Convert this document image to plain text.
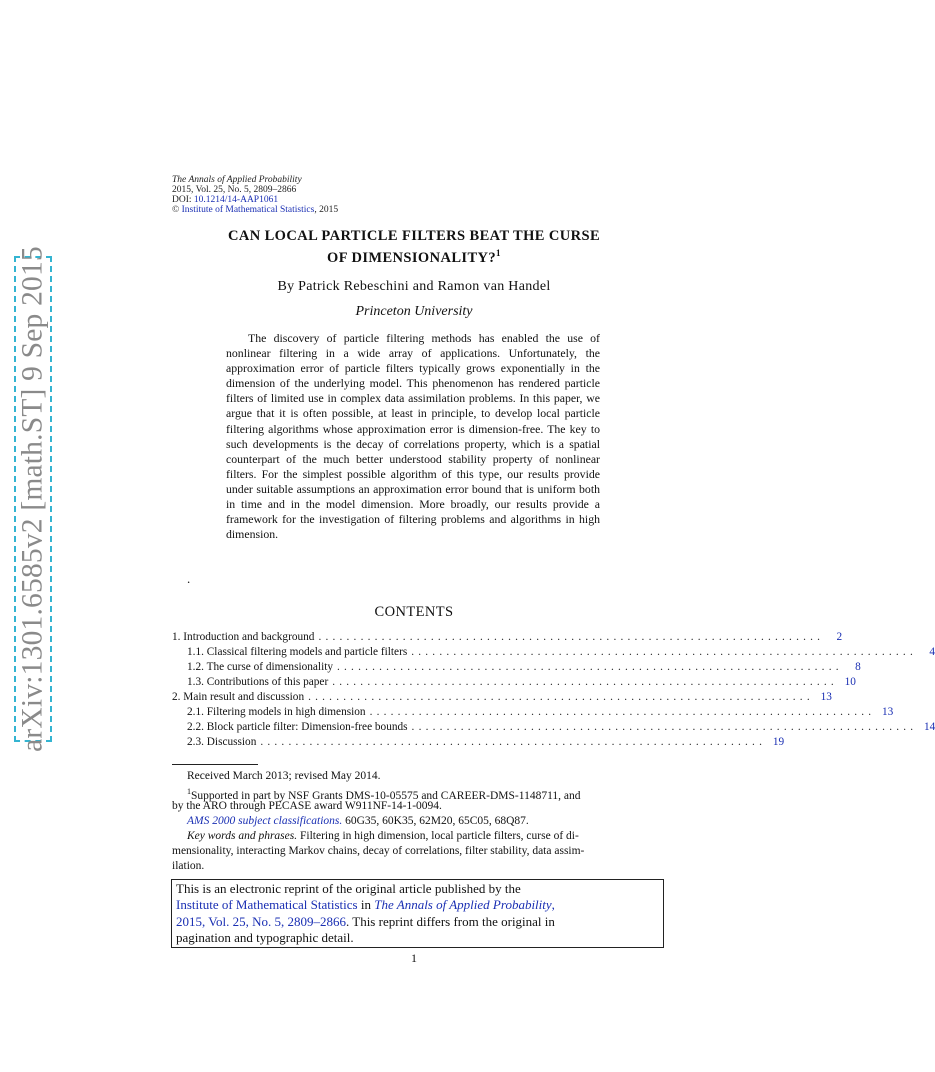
arXiv:1301.6585v2 [math.ST] 9 Sep 2015
The Annals of Applied Probability
2015, Vol. 25, No. 5, 2809–2866
DOI: 10.1214/14-AAP1061
© Institute of Mathematical Statistics, 2015
CAN LOCAL PARTICLE FILTERS BEAT THE CURSE
OF DIMENSIONALITY?$^1$
By Patrick Rebeschini and Ramon van Handel
Princeton University

The discovery of particle filtering methods has enabled the use of nonlinear filtering in a wide array of applications. Unfortunately, the approximation error of particle filters typically grows exponentially in the dimension of the underlying model. This phenomenon has rendered particle filters of limited use in complex data assimilation problems. In this paper, we argue that it is often possible, at least in principle, to develop local particle filtering algorithms whose approximation error is dimension-free. The key to such developments is the decay of correlations property, which is a spatial counterpart of the much better understood stability property of nonlinear filters. For the simplest possible algorithm of this type, our results provide under suitable assumptions an approximation error bound that is uniform both in time and in the model dimension. More broadly, our results provide a framework for the investigation of filtering problems and algorithms in high dimension.

.
CONTENTS
1. Introduction and background ........................................................................	2
1.1. Classical filtering models and particle filters ........................................................................	4
1.2. The curse of dimensionality ........................................................................	8
1.3. Contributions of this paper ........................................................................ 10
2. Main result and discussion ........................................................................ 13
2.1. Filtering models in high dimension ........................................................................ 13
2.2. Block particle filter: Dimension-free bounds ........................................................................ 14
2.3. Discussion ........................................................................ 19
Received March 2013; revised May 2014.
$^1$Supported in part by NSF Grants DMS-10-05575 and CAREER-DMS-1148711, and
by the ARO through PECASE award W911NF-14-1-0094.
AMS 2000 subject classifications. 60G35, 60K35, 62M20, 65C05, 68Q87.
Key words and phrases. Filtering in high dimension, local particle filters, curse of di-
mensionality, interacting Markov chains, decay of correlations, filter stability, data assim-
ilation.
This is an electronic reprint of the original article published by the
Institute of Mathematical Statistics in The Annals of Applied Probability,
2015, Vol. 25, No. 5, 2809–2866. This reprint differs from the original in
pagination and typographic detail.
1
